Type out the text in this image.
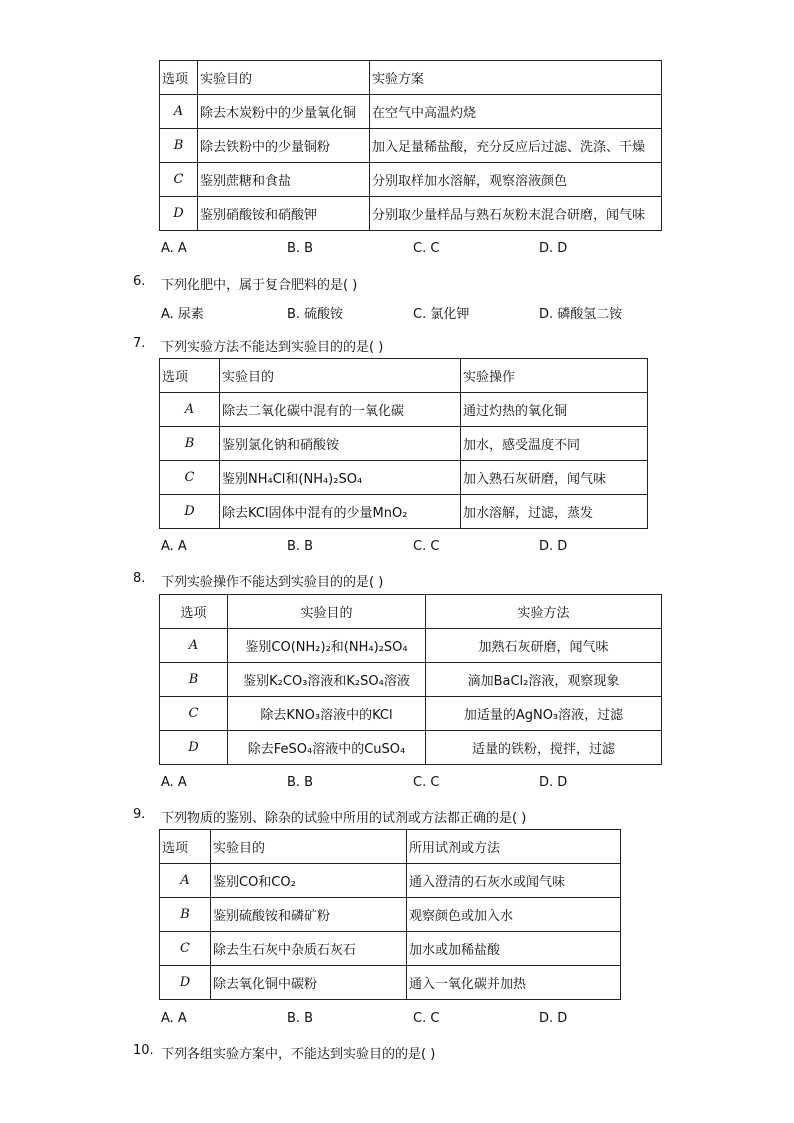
选项	实验目的	实验方案
A	除去木炭粉中的少量氧化铜	在空气中高温灼烧
B	除去铁粉中的少量铜粉	加入足量稀盐酸，充分反应后过滤、洗涤、干燥
C	鉴别蔗糖和食盐	分别取样加水溶解，观察溶液颜色
D	鉴别硝酸铵和硝酸钾	分别取少量样品与熟石灰粉末混合研磨，闻气味
A. A	B. B	C. C	D. D
6. 下列化肥中，属于复合肥料的是( )
A. 尿素	B. 硫酸铵	C. 氯化钾	D. 磷酸氢二铵
7. 下列实验方法不能达到实验目的的是( )
选项	实验目的	实验操作
A	除去二氧化碳中混有的一氧化碳	通过灼热的氧化铜
B	鉴别氯化钠和硝酸铵	加水，感受温度不同
C	鉴别NH₄Cl和(NH₄)₂SO₄	加入熟石灰研磨，闻气味
D	除去KCl固体中混有的少量MnO₂	加水溶解，过滤，蒸发
A. A	B. B	C. C	D. D
8. 下列实验操作不能达到实验目的的是( )
选项	实验目的	实验方法
A	鉴别CO(NH₂)₂和(NH₄)₂SO₄	加熟石灰研磨，闻气味
B	鉴别K₂CO₃溶液和K₂SO₄溶液	滴加BaCl₂溶液，观察现象
C	除去KNO₃溶液中的KCl	加适量的AgNO₃溶液，过滤
D	除去FeSO₄溶液中的CuSO₄	适量的铁粉，搅拌，过滤
A. A	B. B	C. C	D. D
9. 下列物质的鉴别、除杂的试验中所用的试剂或方法都正确的是( )
选项	实验目的	所用试剂或方法
A	鉴别CO和CO₂	通入澄清的石灰水或闻气味
B	鉴别硫酸铵和磷矿粉	观察颜色或加入水
C	除去生石灰中杂质石灰石	加水或加稀盐酸
D	除去氧化铜中碳粉	通入一氧化碳并加热
A. A	B. B	C. C	D. D
10. 下列各组实验方案中，不能达到实验目的的是( )
